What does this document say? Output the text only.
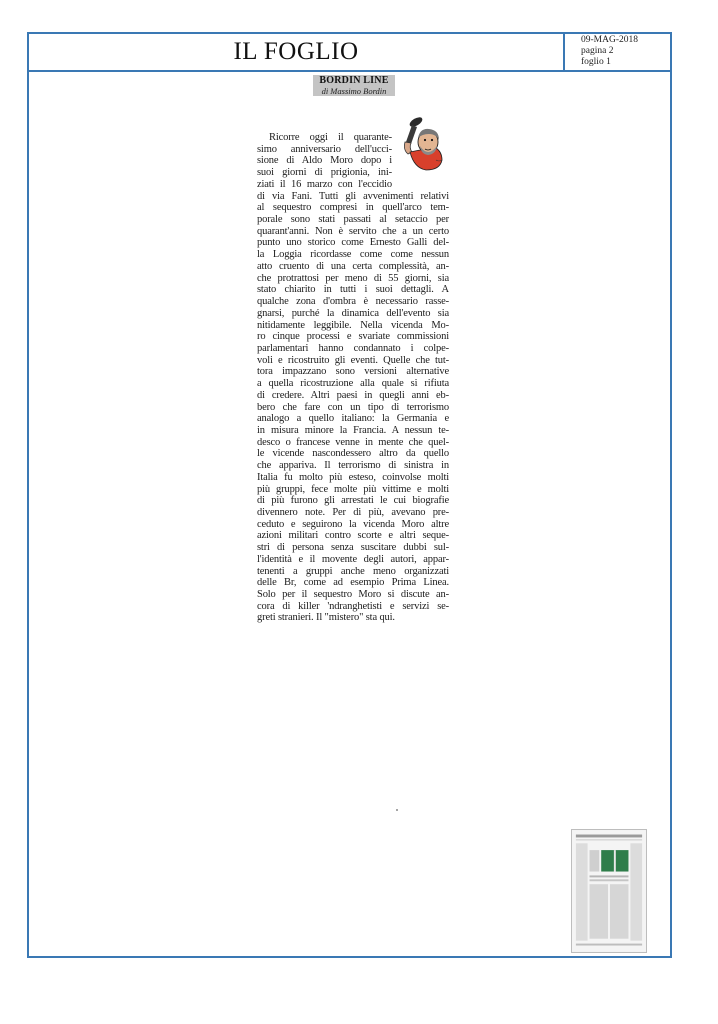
IL FOGLIO	09-MAG-2018
pagina 2
foglio 1
BORDIN LINE
di Massimo Bordin
Ricorre oggi il quarante-
simo anniversario dell'ucci-
sione di Aldo Moro dopo i
suoi giorni di prigionia, ini-
ziati il 16 marzo con l'eccidio
di via Fani. Tutti gli avvenimenti relativi
al sequestro compresi in quell'arco tem-
porale sono stati passati al setaccio per
quarant'anni. Non è servito che a un certo
punto uno storico come Ernesto Galli del-
la Loggia ricordasse come come nessun
atto cruento di una certa complessità, an-
che protrattosi per meno di 55 giorni, sia
stato chiarito in tutti i suoi dettagli. A
qualche zona d'ombra è necessario rasse-
gnarsi, purché la dinamica dell'evento sia
nitidamente leggibile. Nella vicenda Mo-
ro cinque processi e svariate commissioni
parlamentari hanno condannato i colpe-
voli e ricostruito gli eventi. Quelle che tut-
tora impazzano sono versioni alternative
a quella ricostruzione alla quale si rifiuta
di credere. Altri paesi in quegli anni eb-
bero che fare con un tipo di terrorismo
analogo a quello italiano: la Germania e
in misura minore la Francia. A nessun te-
desco o francese venne in mente che quel-
le vicende nascondessero altro da quello
che appariva. Il terrorismo di sinistra in
Italia fu molto più esteso, coinvolse molti
più gruppi, fece molte più vittime e molti
di più furono gli arrestati le cui biografie
divennero note. Per di più, avevano pre-
ceduto e seguirono la vicenda Moro altre
azioni militari contro scorte e altri seque-
stri di persona senza suscitare dubbi sul-
l'identità e il movente degli autori, appar-
tenenti a gruppi anche meno organizzati
delle Br, come ad esempio Prima Linea.
Solo per il sequestro Moro si discute an-
cora di killer 'ndranghetisti e servizi se-
greti stranieri. Il "mistero" sta qui.
